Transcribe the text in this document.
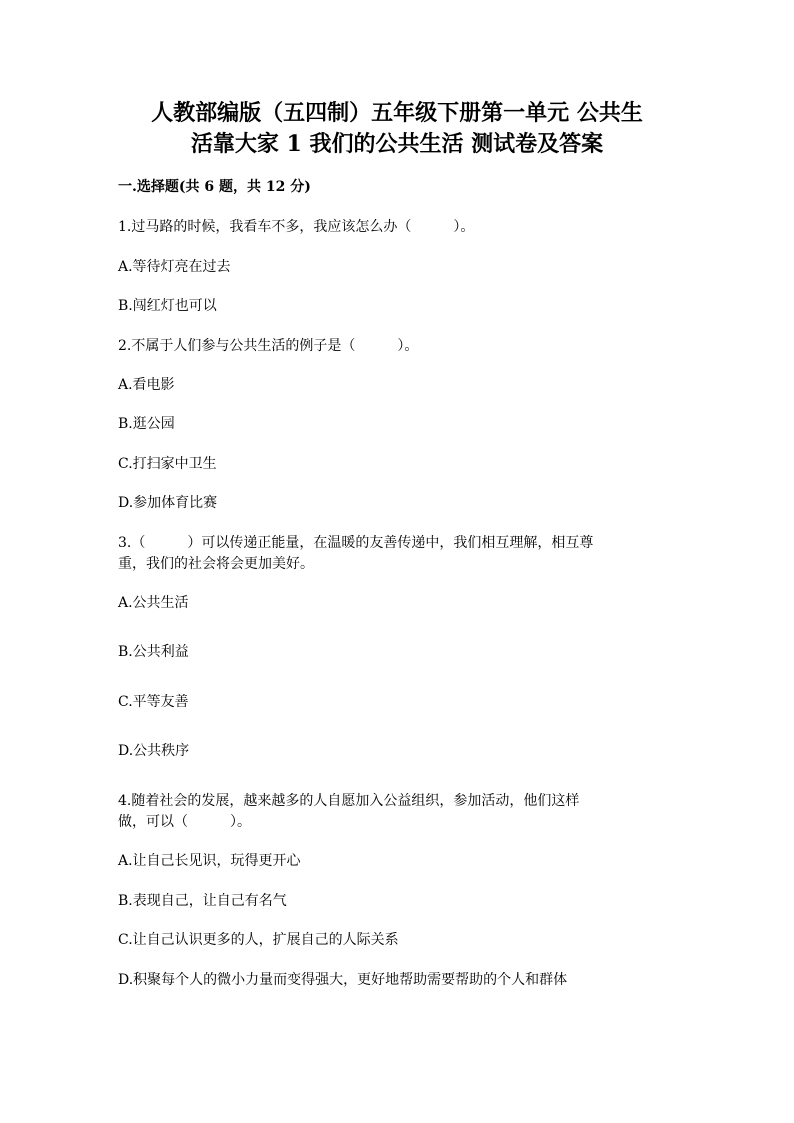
人教部编版（五四制）五年级下册第一单元 公共生
活靠大家 1 我们的公共生活 测试卷及答案
一.选择题(共 6 题，共 12 分)
1.过马路的时候，我看车不多，我应该怎么办（　　　）。
A.等待灯亮在过去
B.闯红灯也可以
2.不属于人们参与公共生活的例子是（　　　）。
A.看电影
B.逛公园
C.打扫家中卫生
D.参加体育比赛
3.（　　　）可以传递正能量，在温暖的友善传递中，我们相互理解，相互尊
重，我们的社会将会更加美好。
A.公共生活
B.公共利益
C.平等友善
D.公共秩序
4.随着社会的发展，越来越多的人自愿加入公益组织，参加活动，他们这样
做，可以（　　　）。
A.让自己长见识，玩得更开心
B.表现自己，让自己有名气
C.让自己认识更多的人，扩展自己的人际关系
D.积聚每个人的微小力量而变得强大，更好地帮助需要帮助的个人和群体
